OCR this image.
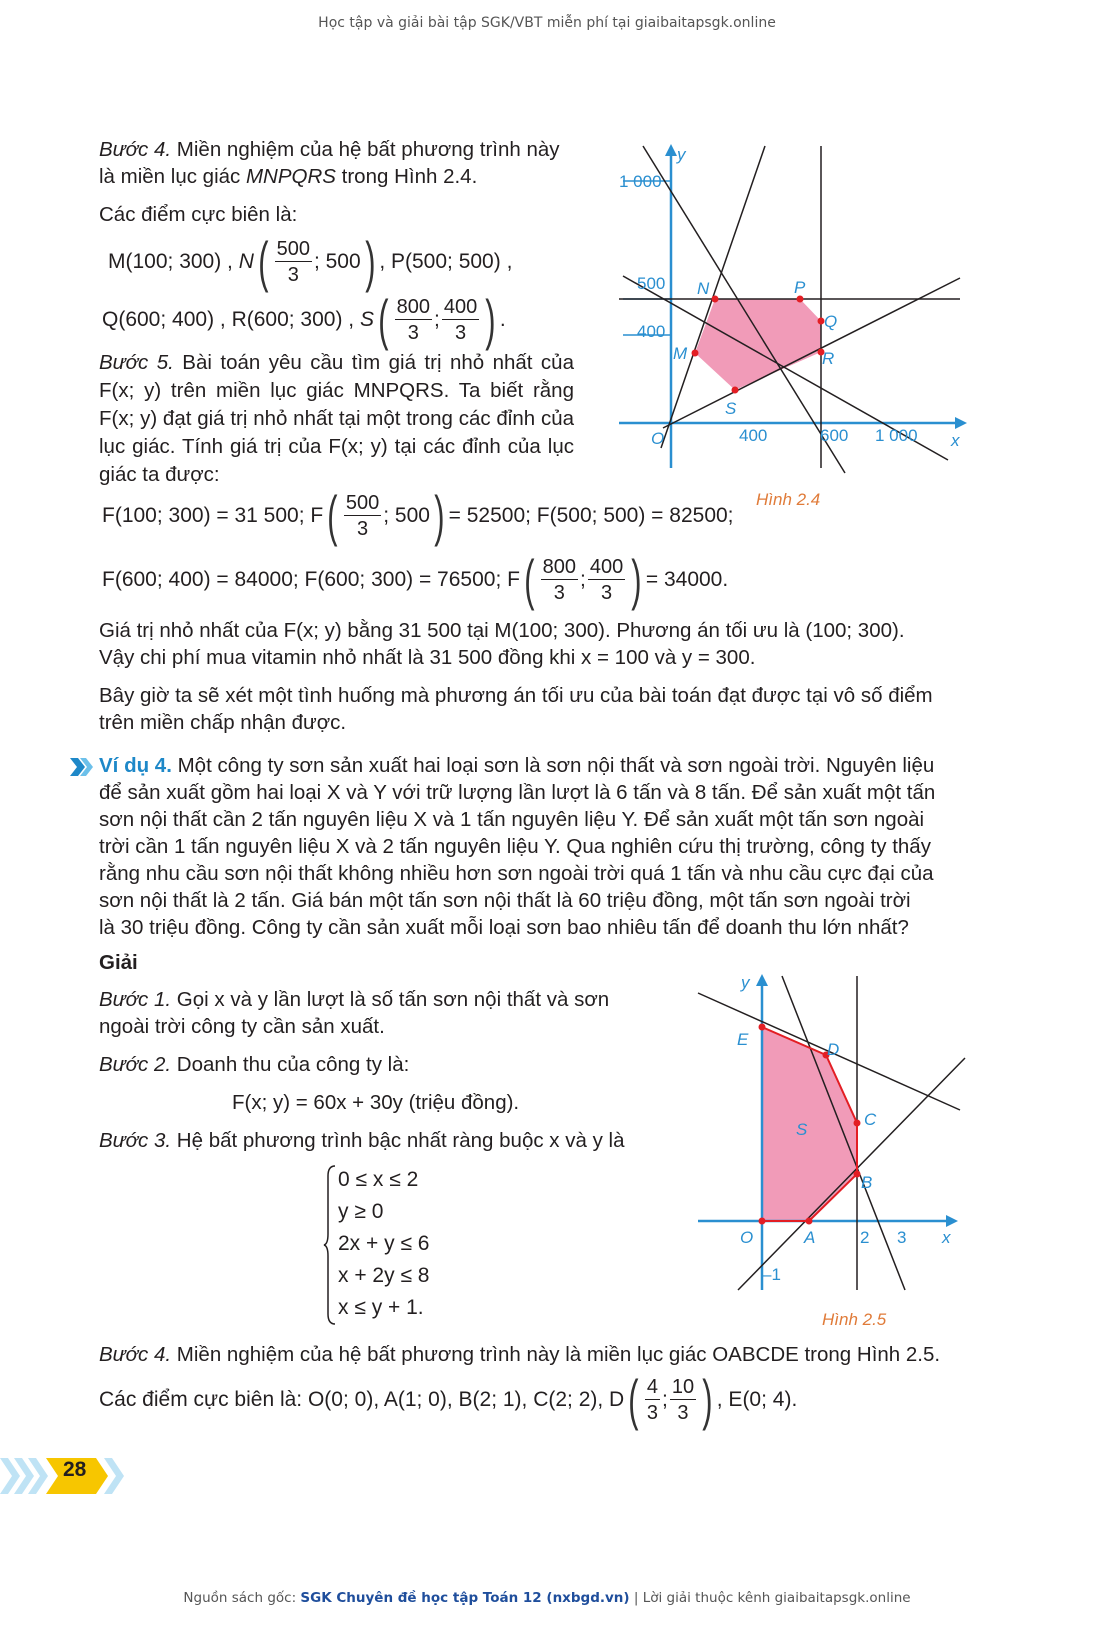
Học tập và giải bài tập SGK/VBT miễn phí tại giaibaitapsgk.online
Bước 4. Miền nghiệm của hệ bất phương trình này
là miền lục giác MNPQRS trong Hình 2.4.
Các điểm cực biên là:
M(100; 300) ,
N ( $\frac{500}{3}$ ; 500 ) , P(500; 500) ,
Q(600; 400) , R(600; 300) ,
S ( $\frac{800}{3}$ ; $\frac{400}{3}$ ) .
Bước 5. Bài toán yêu cầu tìm giá trị nhỏ nhất của F(x; y) trên miền lục giác MNPQRS. Ta biết rằng F(x; y) đạt giá trị nhỏ nhất tại một trong các đỉnh của lục giác. Tính giá trị của F(x; y) tại các đỉnh của lục giác ta được:
1 000
500
400
400	600 1 000
y
x
O
M
N	P
Q
R
S
Hình 2.4
F(100; 300) = 31 500; F ( $\frac{500}{3}$ ; 500 ) = 52500; F(500; 500) = 82500;
F(600; 400) = 84000; F(600; 300) = 76500; F ( $\frac{800}{3}$ ; $\frac{400}{3}$ ) = 34000.
Giá trị nhỏ nhất của F(x; y) bằng 31 500 tại M(100; 300). Phương án tối ưu là (100; 300).
Vậy chi phí mua vitamin nhỏ nhất là 31 500 đồng khi x = 100 và y = 300.
Bây giờ ta sẽ xét một tình huống mà phương án tối ưu của bài toán đạt được tại vô số điểm
trên miền chấp nhận được.
Ví dụ 4. Một công ty sơn sản xuất hai loại sơn là sơn nội thất và sơn ngoài trời. Nguyên liệu
để sản xuất gồm hai loại X và Y với trữ lượng lần lượt là 6 tấn và 8 tấn. Để sản xuất một tấn
sơn nội thất cần 2 tấn nguyên liệu X và 1 tấn nguyên liệu Y. Để sản xuất một tấn sơn ngoài
trời cần 1 tấn nguyên liệu X và 2 tấn nguyên liệu Y. Qua nghiên cứu thị trường, công ty thấy
rằng nhu cầu sơn nội thất không nhiều hơn sơn ngoài trời quá 1 tấn và nhu cầu cực đại của
sơn nội thất là 2 tấn. Giá bán một tấn sơn nội thất là 60 triệu đồng, một tấn sơn ngoài trời
là 30 triệu đồng. Công ty cần sản xuất mỗi loại sơn bao nhiêu tấn để doanh thu lớn nhất?
Giải
Bước 1. Gọi x và y lần lượt là số tấn sơn nội thất và sơn
ngoài trời công ty cần sản xuất.
Bước 2. Doanh thu của công ty là:
F(x; y) = 60x + 30y (triệu đồng).
Bước 3. Hệ bất phương trình bậc nhất ràng buộc x và y là
0 ≤ x ≤ 2
y ≥ 0
2x + y ≤ 6
x + 2y ≤ 8
x ≤ y + 1.
y
x
O	A
B
C
D
E
S
2 3
–1
Hình 2.5
Bước 4. Miền nghiệm của hệ bất phương trình này là miền lục giác OABCDE trong Hình 2.5.
Các điểm cực biên là: O(0; 0), A(1; 0), B(2; 1), C(2; 2), D ( $\frac{4}{3}$ ; $\frac{10}{3}$ ) , E(0; 4).
28
Nguồn sách gốc: SGK Chuyên đề học tập Toán 12 (nxbgd.vn) | Lời giải thuộc kênh giaibaitapsgk.online
